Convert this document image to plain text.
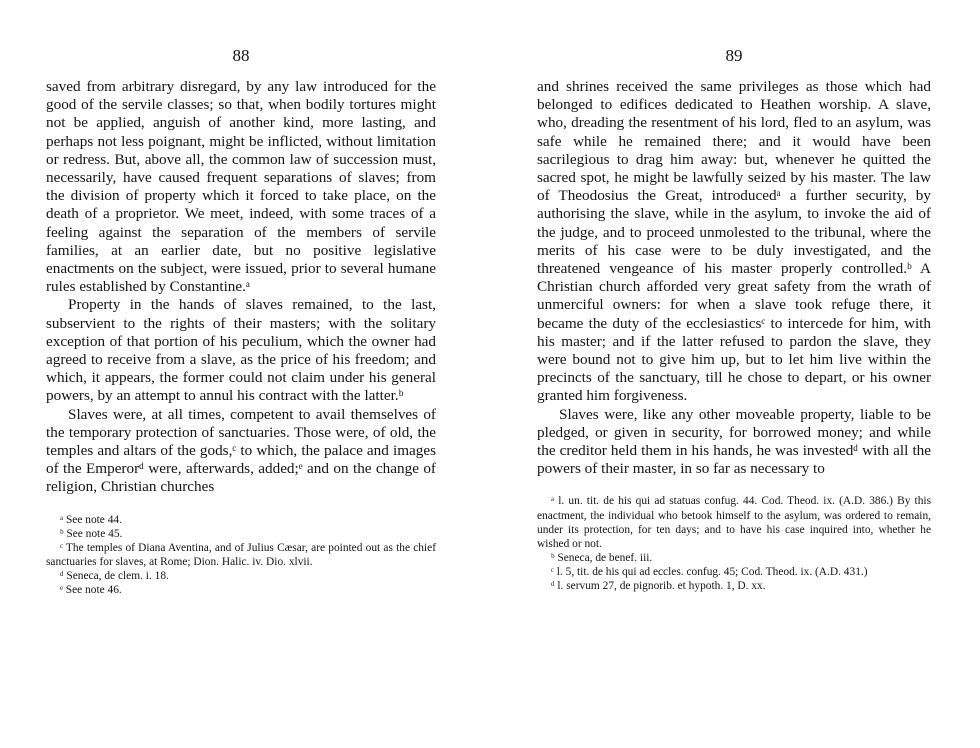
88

saved from arbitrary disregard, by any law introduced for the good of the servile classes; so that, when bodily tortures might not be applied, anguish of another kind, more lasting, and perhaps not less poignant, might be inflicted, without limitation or redress. But, above all, the common law of succession must, necessarily, have caused frequent separations of slaves; from the division of property which it forced to take place, on the death of a proprietor. We meet, indeed, with some traces of a feeling against the separation of the members of servile families, at an earlier date, but no positive legislative enactments on the subject, were issued, prior to several humane rules established by Constantine.ᵃ

Property in the hands of slaves remained, to the last, subservient to the rights of their masters; with the solitary exception of that portion of his peculium, which the owner had agreed to receive from a slave, as the price of his freedom; and which, it appears, the former could not claim under his general powers, by an attempt to annul his contract with the latter.ᵇ

Slaves were, at all times, competent to avail themselves of the temporary protection of sanctuaries. Those were, of old, the temples and altars of the gods,ᶜ to which, the palace and images of the Emperorᵈ were, afterwards, added;ᵉ and on the change of religion, Christian churches

ᵃ See note 44.

ᵇ See note 45.

ᶜ The temples of Diana Aventina, and of Julius Cæsar, are pointed out as the chief sanctuaries for slaves, at Rome; Dion. Halic. iv. Dio. xlvii.

ᵈ Seneca, de clem. i. 18.

ᵉ See note 46.

89

and shrines received the same privileges as those which had belonged to edifices dedicated to Heathen worship. A slave, who, dreading the resentment of his lord, fled to an asylum, was safe while he remained there; and it would have been sacrilegious to drag him away: but, whenever he quitted the sacred spot, he might be lawfully seized by his master. The law of Theodosius the Great, introducedᵃ a further security, by authorising the slave, while in the asylum, to invoke the aid of the judge, and to proceed unmolested to the tribunal, where the merits of his case were to be duly investigated, and the threatened vengeance of his master properly controlled.ᵇ A Christian church afforded very great safety from the wrath of unmerciful owners: for when a slave took refuge there, it became the duty of the ecclesiasticsᶜ to intercede for him, with his master; and if the latter refused to pardon the slave, they were bound not to give him up, but to let him live within the precincts of the sanctuary, till he chose to depart, or his owner granted him forgiveness.

Slaves were, like any other moveable property, liable to be pledged, or given in security, for borrowed money; and while the creditor held them in his hands, he was investedᵈ with all the powers of their master, in so far as necessary to

ᵃ l. un. tit. de his qui ad statuas confug. 44. Cod. Theod. ix. (A.D. 386.) By this enactment, the individual who betook himself to the asylum, was ordered to remain, under its protection, for ten days; and to have his case inquired into, whether he wished or not.

ᵇ Seneca, de benef. iii.

ᶜ l. 5, tit. de his qui ad eccles. confug. 45; Cod. Theod. ix. (A.D. 431.)

ᵈ l. servum 27, de pignorib. et hypoth. 1, D. xx.
